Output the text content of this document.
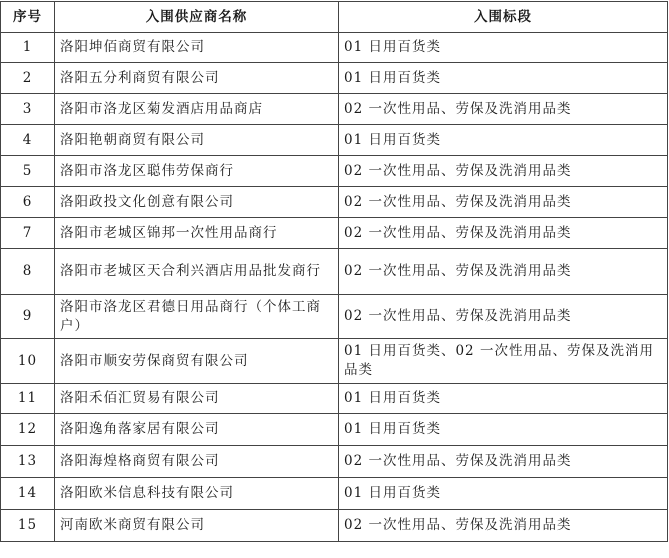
序号	入围供应商名称	入围标段
1	洛阳坤佰商贸有限公司	01 日用百货类
2	洛阳五分利商贸有限公司	01 日用百货类
3	洛阳市洛龙区菊发酒店用品商店	02 一次性用品、劳保及洗消用品类
4	洛阳艳朝商贸有限公司	01 日用百货类
5	洛阳市洛龙区聪伟劳保商行	02 一次性用品、劳保及洗消用品类
6	洛阳政投文化创意有限公司	02 一次性用品、劳保及洗消用品类
7	洛阳市老城区锦邦一次性用品商行	02 一次性用品、劳保及洗消用品类
8	洛阳市老城区天合利兴酒店用品批发商行	02 一次性用品、劳保及洗消用品类
9	洛阳市洛龙区君德日用品商行（个体工商户）	02 一次性用品、劳保及洗消用品类
10	洛阳市顺安劳保商贸有限公司	01 日用百货类、02 一次性用品、劳保及洗消用品类
11	洛阳禾佰汇贸易有限公司	01 日用百货类
12	洛阳逸角落家居有限公司	01 日用百货类
13	洛阳海煌格商贸有限公司	02 一次性用品、劳保及洗消用品类
14	洛阳欧米信息科技有限公司	01 日用百货类
15	河南欧米商贸有限公司	02 一次性用品、劳保及洗消用品类
